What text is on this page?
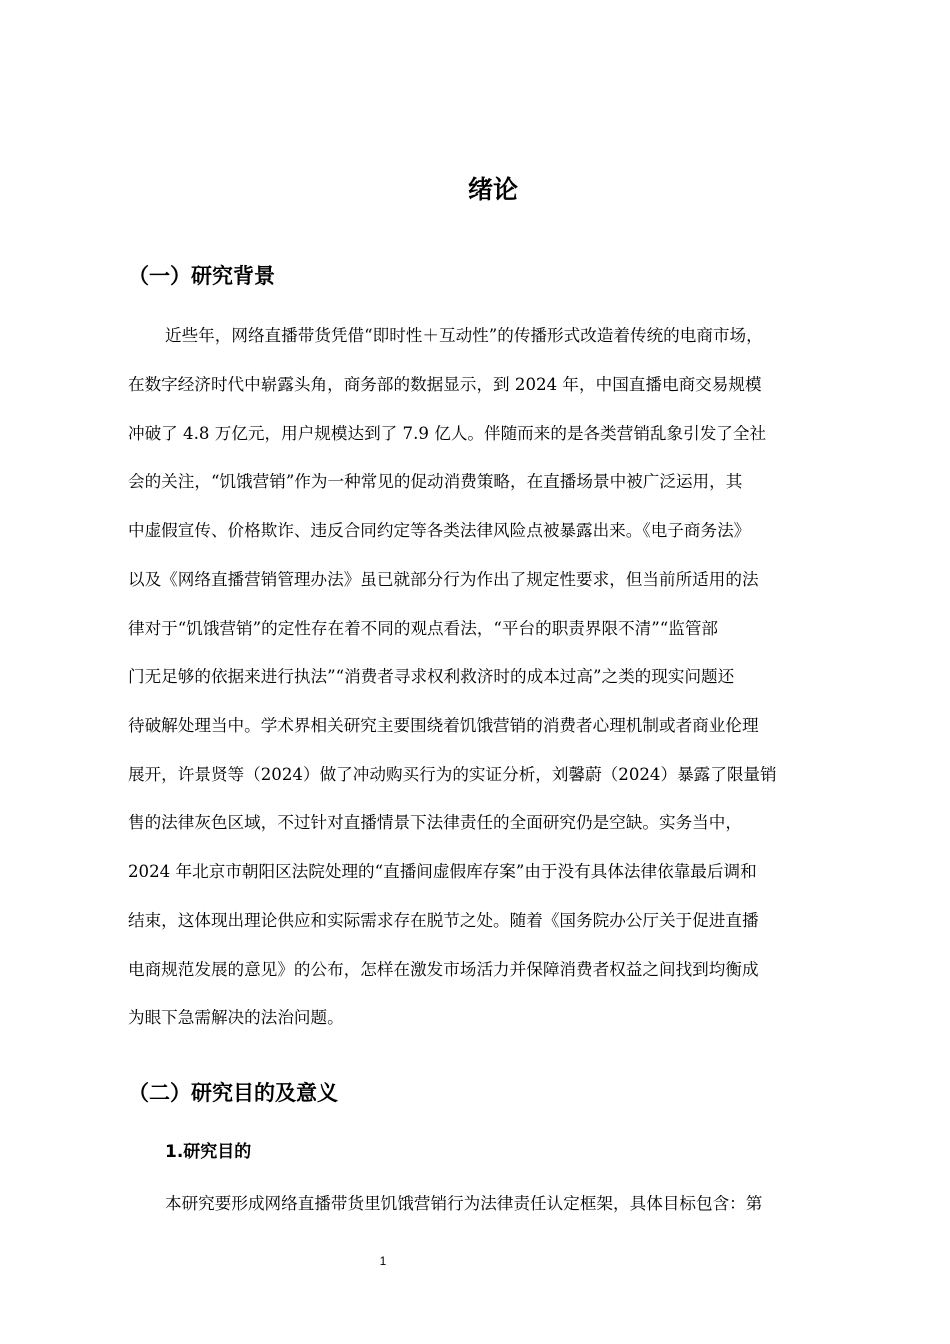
绪论
（一）研究背景
近些年，网络直播带货凭借“即时性＋互动性”的传播形式改造着传统的电商市场，
在数字经济时代中崭露头角，商务部的数据显示，到 2024 年，中国直播电商交易规模
冲破了 4.8 万亿元，用户规模达到了 7.9 亿人。伴随而来的是各类营销乱象引发了全社
会的关注，“饥饿营销”作为一种常见的促动消费策略，在直播场景中被广泛运用，其
中虚假宣传、价格欺诈、违反合同约定等各类法律风险点被暴露出来。《电子商务法》
以及《网络直播营销管理办法》虽已就部分行为作出了规定性要求，但当前所适用的法
律对于“饥饿营销”的定性存在着不同的观点看法，“平台的职责界限不清”“监管部
门无足够的依据来进行执法”“消费者寻求权利救济时的成本过高”之类的现实问题还
待破解处理当中。学术界相关研究主要围绕着饥饿营销的消费者心理机制或者商业伦理
展开，许景贤等（2024）做了冲动购买行为的实证分析，刘馨蔚（2024）暴露了限量销
售的法律灰色区域，不过针对直播情景下法律责任的全面研究仍是空缺。实务当中，
2024 年北京市朝阳区法院处理的“直播间虚假库存案”由于没有具体法律依靠最后调和
结束，这体现出理论供应和实际需求存在脱节之处。随着《国务院办公厅关于促进直播
电商规范发展的意见》的公布，怎样在激发市场活力并保障消费者权益之间找到均衡成
为眼下急需解决的法治问题。
（二）研究目的及意义
1.研究目的
本研究要形成网络直播带货里饥饿营销行为法律责任认定框架，具体目标包含：第
1
